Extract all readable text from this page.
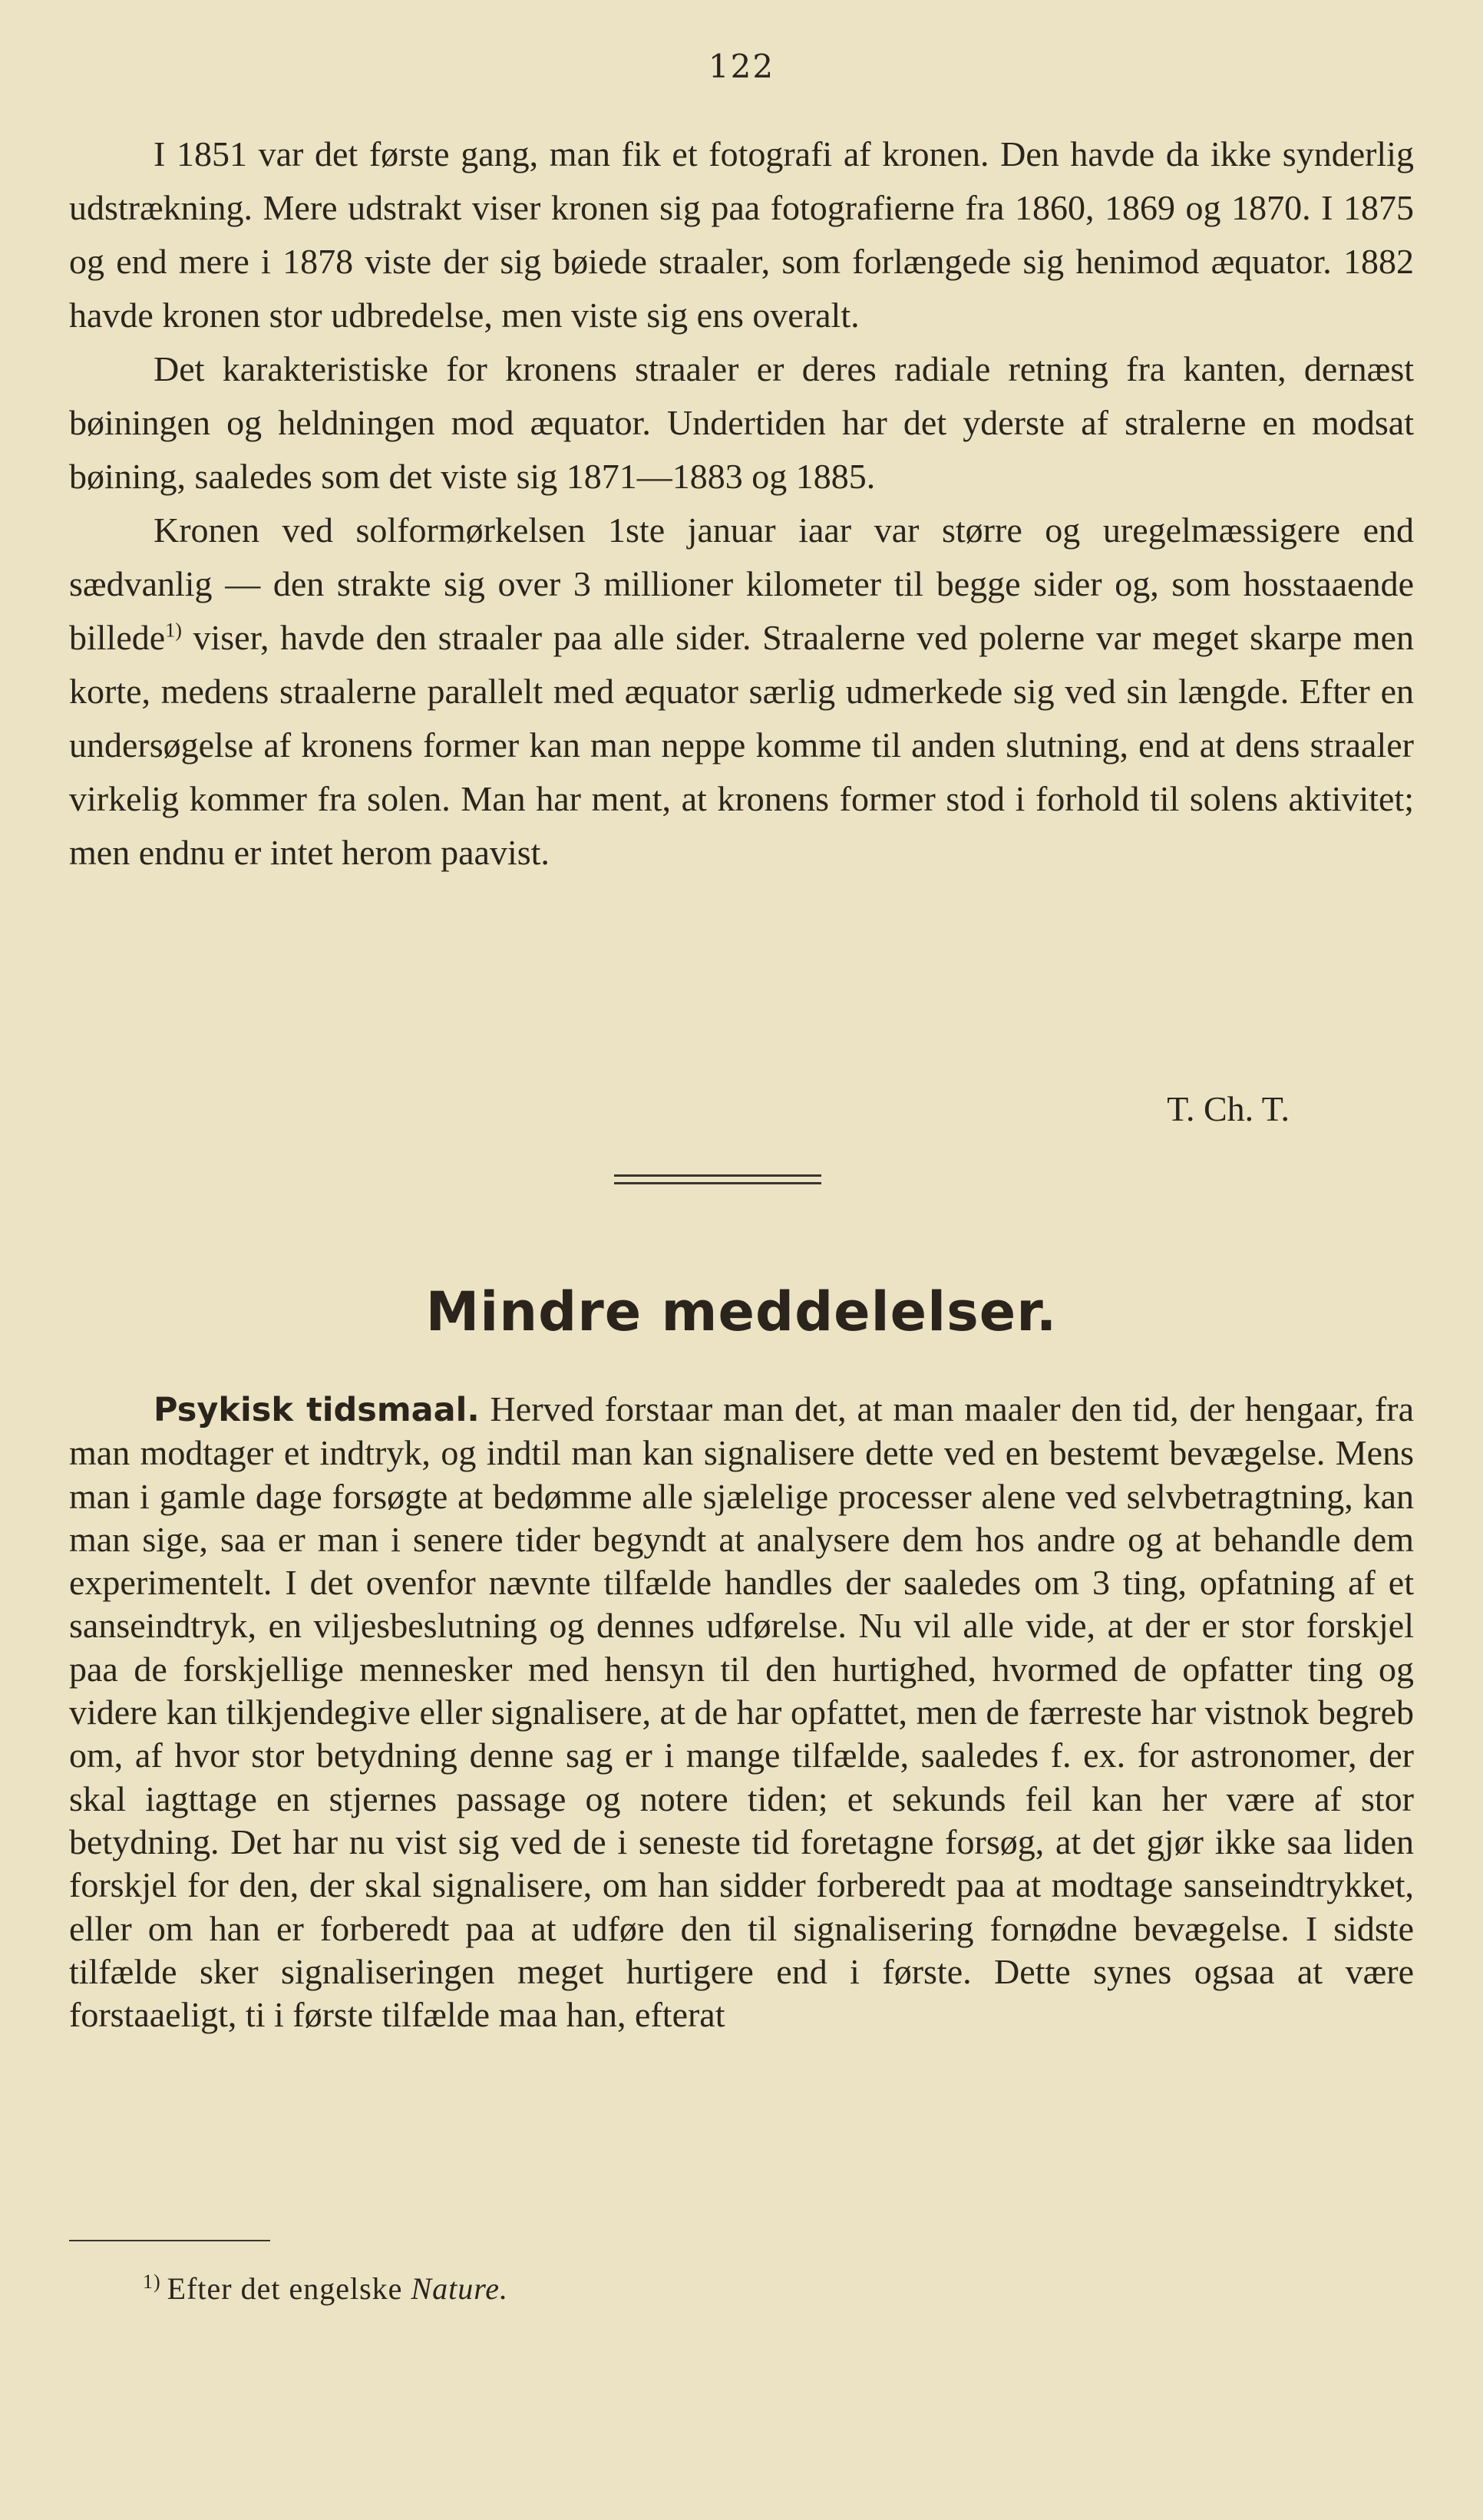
122

I 1851 var det første gang, man fik et fotografi af kronen. Den havde da ikke synderlig udstrækning. Mere udstrakt viser kronen sig paa fotografierne fra 1860, 1869 og 1870. I 1875 og end mere i 1878 viste der sig bøiede straaler, som forlængede sig henimod æquator. 1882 havde kronen stor udbredelse, men viste sig ens overalt.

Det karakteristiske for kronens straaler er deres radiale retning fra kanten, dernæst bøiningen og heldningen mod æquator. Undertiden har det yderste af stralerne en modsat bøining, saaledes som det viste sig 1871—1883 og 1885.

Kronen ved solformørkelsen 1ste januar iaar var større og uregelmæssigere end sædvanlig — den strakte sig over 3 millioner kilometer til begge sider og, som hosstaaende billede$^{1)}$ viser, havde den straaler paa alle sider. Straalerne ved polerne var meget skarpe men korte, medens straalerne parallelt med æquator særlig udmerkede sig ved sin længde. Efter en undersøgelse af kronens former kan man neppe komme til anden slutning, end at dens straaler virkelig kommer fra solen. Man har ment, at kronens former stod i forhold til solens aktivitet; men endnu er intet herom paavist.

T. Ch. T.
Mindre meddelelser.

Psykisk tidsmaal. Herved forstaar man det, at man maaler den tid, der hengaar, fra man modtager et indtryk, og indtil man kan signalisere dette ved en bestemt bevægelse. Mens man i gamle dage forsøgte at bedømme alle sjælelige processer alene ved selvbetragtning, kan man sige, saa er man i senere tider begyndt at analysere dem hos andre og at behandle dem experimentelt. I det ovenfor nævnte tilfælde handles der saaledes om 3 ting, opfatning af et sanseindtryk, en viljesbeslutning og dennes udførelse. Nu vil alle vide, at der er stor forskjel paa de forskjellige mennesker med hensyn til den hurtighed, hvormed de opfatter ting og videre kan tilkjendegive eller signalisere, at de har opfattet, men de færreste har vistnok begreb om, af hvor stor betydning denne sag er i mange tilfælde, saaledes f. ex. for astronomer, der skal iagttage en stjernes passage og notere tiden; et sekunds feil kan her være af stor betydning. Det har nu vist sig ved de i seneste tid foretagne forsøg, at det gjør ikke saa liden forskjel for den, der skal signalisere, om han sidder forberedt paa at modtage sanseindtrykket, eller om han er forberedt paa at udføre den til signalisering fornødne bevægelse. I sidste tilfælde sker signaliseringen meget hurtigere end i første. Dette synes ogsaa at være forstaaeligt, ti i første tilfælde maa han, efterat

$^{1)}$ Efter det engelske Nature.
